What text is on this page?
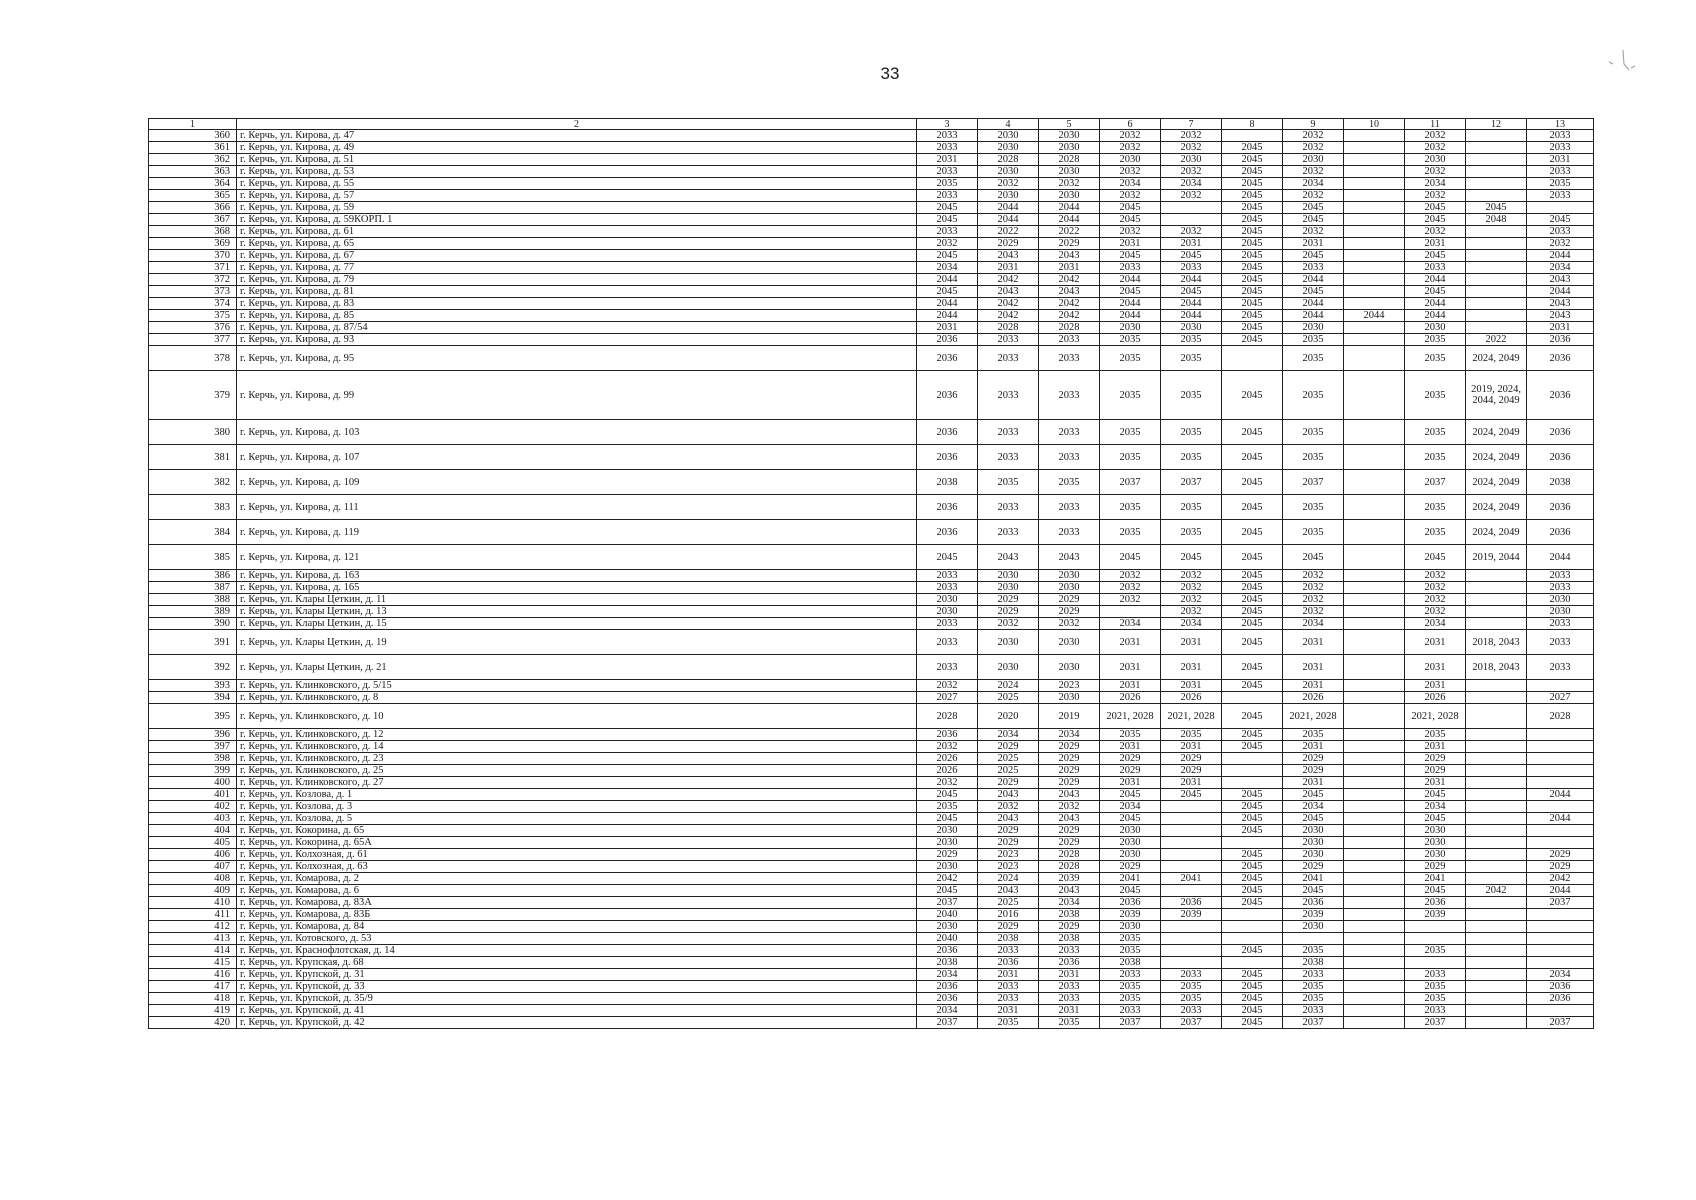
33
1	2	3	4	5	6	7	8	9	10	11	12	13
360	г. Керчь, ул. Кирова, д. 47	2033	2030	2030	2032	2032		2032		2032		2033
361	г. Керчь, ул. Кирова, д. 49	2033	2030	2030	2032	2032	2045	2032		2032		2033
362	г. Керчь, ул. Кирова, д. 51	2031	2028	2028	2030	2030	2045	2030		2030		2031
363	г. Керчь, ул. Кирова, д. 53	2033	2030	2030	2032	2032	2045	2032		2032		2033
364	г. Керчь, ул. Кирова, д. 55	2035	2032	2032	2034	2034	2045	2034		2034		2035
365	г. Керчь, ул. Кирова, д. 57	2033	2030	2030	2032	2032	2045	2032		2032		2033
366	г. Керчь, ул. Кирова, д. 59	2045	2044	2044	2045		2045	2045		2045	2045	
367	г. Керчь, ул. Кирова, д. 59КОРП. 1	2045	2044	2044	2045		2045	2045		2045	2048	2045
368	г. Керчь, ул. Кирова, д. 61	2033	2022	2022	2032	2032	2045	2032		2032		2033
369	г. Керчь, ул. Кирова, д. 65	2032	2029	2029	2031	2031	2045	2031		2031		2032
370	г. Керчь, ул. Кирова, д. 67	2045	2043	2043	2045	2045	2045	2045		2045		2044
371	г. Керчь, ул. Кирова, д. 77	2034	2031	2031	2033	2033	2045	2033		2033		2034
372	г. Керчь, ул. Кирова, д. 79	2044	2042	2042	2044	2044	2045	2044		2044		2043
373	г. Керчь, ул. Кирова, д. 81	2045	2043	2043	2045	2045	2045	2045		2045		2044
374	г. Керчь, ул. Кирова, д. 83	2044	2042	2042	2044	2044	2045	2044		2044		2043
375	г. Керчь, ул. Кирова, д. 85	2044	2042	2042	2044	2044	2045	2044	2044	2044		2043
376	г. Керчь, ул. Кирова, д. 87/54	2031	2028	2028	2030	2030	2045	2030		2030		2031
377	г. Керчь, ул. Кирова, д. 93	2036	2033	2033	2035	2035	2045	2035		2035	2022	2036
378	г. Керчь, ул. Кирова, д. 95	2036	2033	2033	2035	2035		2035		2035	2024, 2049	2036
379	г. Керчь, ул. Кирова, д. 99	2036	2033	2033	2035	2035	2045	2035		2035	2019, 2024, 2044, 2049	2036
380	г. Керчь, ул. Кирова, д. 103	2036	2033	2033	2035	2035	2045	2035		2035	2024, 2049	2036
381	г. Керчь, ул. Кирова, д. 107	2036	2033	2033	2035	2035	2045	2035		2035	2024, 2049	2036
382	г. Керчь, ул. Кирова, д. 109	2038	2035	2035	2037	2037	2045	2037		2037	2024, 2049	2038
383	г. Керчь, ул. Кирова, д. 111	2036	2033	2033	2035	2035	2045	2035		2035	2024, 2049	2036
384	г. Керчь, ул. Кирова, д. 119	2036	2033	2033	2035	2035	2045	2035		2035	2024, 2049	2036
385	г. Керчь, ул. Кирова, д. 121	2045	2043	2043	2045	2045	2045	2045		2045	2019, 2044	2044
386	г. Керчь, ул. Кирова, д. 163	2033	2030	2030	2032	2032	2045	2032		2032		2033
387	г. Керчь, ул. Кирова, д. 165	2033	2030	2030	2032	2032	2045	2032		2032		2033
388	г. Керчь, ул. Клары Цеткин, д. 11	2030	2029	2029	2032	2032	2045	2032		2032		2030
389	г. Керчь, ул. Клары Цеткин, д. 13	2030	2029	2029		2032	2045	2032		2032		2030
390	г. Керчь, ул. Клары Цеткин, д. 15	2033	2032	2032	2034	2034	2045	2034		2034		2033
391	г. Керчь, ул. Клары Цеткин, д. 19	2033	2030	2030	2031	2031	2045	2031		2031	2018, 2043	2033
392	г. Керчь, ул. Клары Цеткин, д. 21	2033	2030	2030	2031	2031	2045	2031		2031	2018, 2043	2033
393	г. Керчь, ул. Клинковского, д. 5/15	2032	2024	2023	2031	2031	2045	2031		2031		
394	г. Керчь, ул. Клинковского, д. 8	2027	2025	2030	2026	2026		2026		2026		2027
395	г. Керчь, ул. Клинковского, д. 10	2028	2020	2019	2021, 2028	2021, 2028	2045	2021, 2028		2021, 2028		2028
396	г. Керчь, ул. Клинковского, д. 12	2036	2034	2034	2035	2035	2045	2035		2035		
397	г. Керчь, ул. Клинковского, д. 14	2032	2029	2029	2031	2031	2045	2031		2031		
398	г. Керчь, ул. Клинковского, д. 23	2026	2025	2029	2029	2029		2029		2029		
399	г. Керчь, ул. Клинковского, д. 25	2026	2025	2029	2029	2029		2029		2029		
400	г. Керчь, ул. Клинковского, д. 27	2032	2029	2029	2031	2031		2031		2031		
401	г. Керчь, ул. Козлова, д. 1	2045	2043	2043	2045	2045	2045	2045		2045		2044
402	г. Керчь, ул. Козлова, д. 3	2035	2032	2032	2034		2045	2034		2034		
403	г. Керчь, ул. Козлова, д. 5	2045	2043	2043	2045		2045	2045		2045		2044
404	г. Керчь, ул. Кокорина, д. 65	2030	2029	2029	2030		2045	2030		2030		
405	г. Керчь, ул. Кокорина, д. 65А	2030	2029	2029	2030			2030		2030		
406	г. Керчь, ул. Колхозная, д. 61	2029	2023	2028	2030		2045	2030		2030		2029
407	г. Керчь, ул. Колхозная, д. 63	2030	2023	2028	2029		2045	2029		2029		2029
408	г. Керчь, ул. Комарова, д. 2	2042	2024	2039	2041	2041	2045	2041		2041		2042
409	г. Керчь, ул. Комарова, д. 6	2045	2043	2043	2045		2045	2045		2045	2042	2044
410	г. Керчь, ул. Комарова, д. 83А	2037	2025	2034	2036	2036	2045	2036		2036		2037
411	г. Керчь, ул. Комарова, д. 83Б	2040	2016	2038	2039	2039		2039		2039		
412	г. Керчь, ул. Комарова, д. 84	2030	2029	2029	2030			2030				
413	г. Керчь, ул. Котовского, д. 53	2040	2038	2038	2035							
414	г. Керчь, ул. Краснофлотская, д. 14	2036	2033	2033	2035		2045	2035		2035		
415	г. Керчь, ул. Крупская, д. 68	2038	2036	2036	2038			2038				
416	г. Керчь, ул. Крупской, д. 31	2034	2031	2031	2033	2033	2045	2033		2033		2034
417	г. Керчь, ул. Крупской, д. 33	2036	2033	2033	2035	2035	2045	2035		2035		2036
418	г. Керчь, ул. Крупской, д. 35/9	2036	2033	2033	2035	2035	2045	2035		2035		2036
419	г. Керчь, ул. Крупской, д. 41	2034	2031	2031	2033	2033	2045	2033		2033		
420	г. Керчь, ул. Крупской, д. 42	2037	2035	2035	2037	2037	2045	2037		2037		2037
